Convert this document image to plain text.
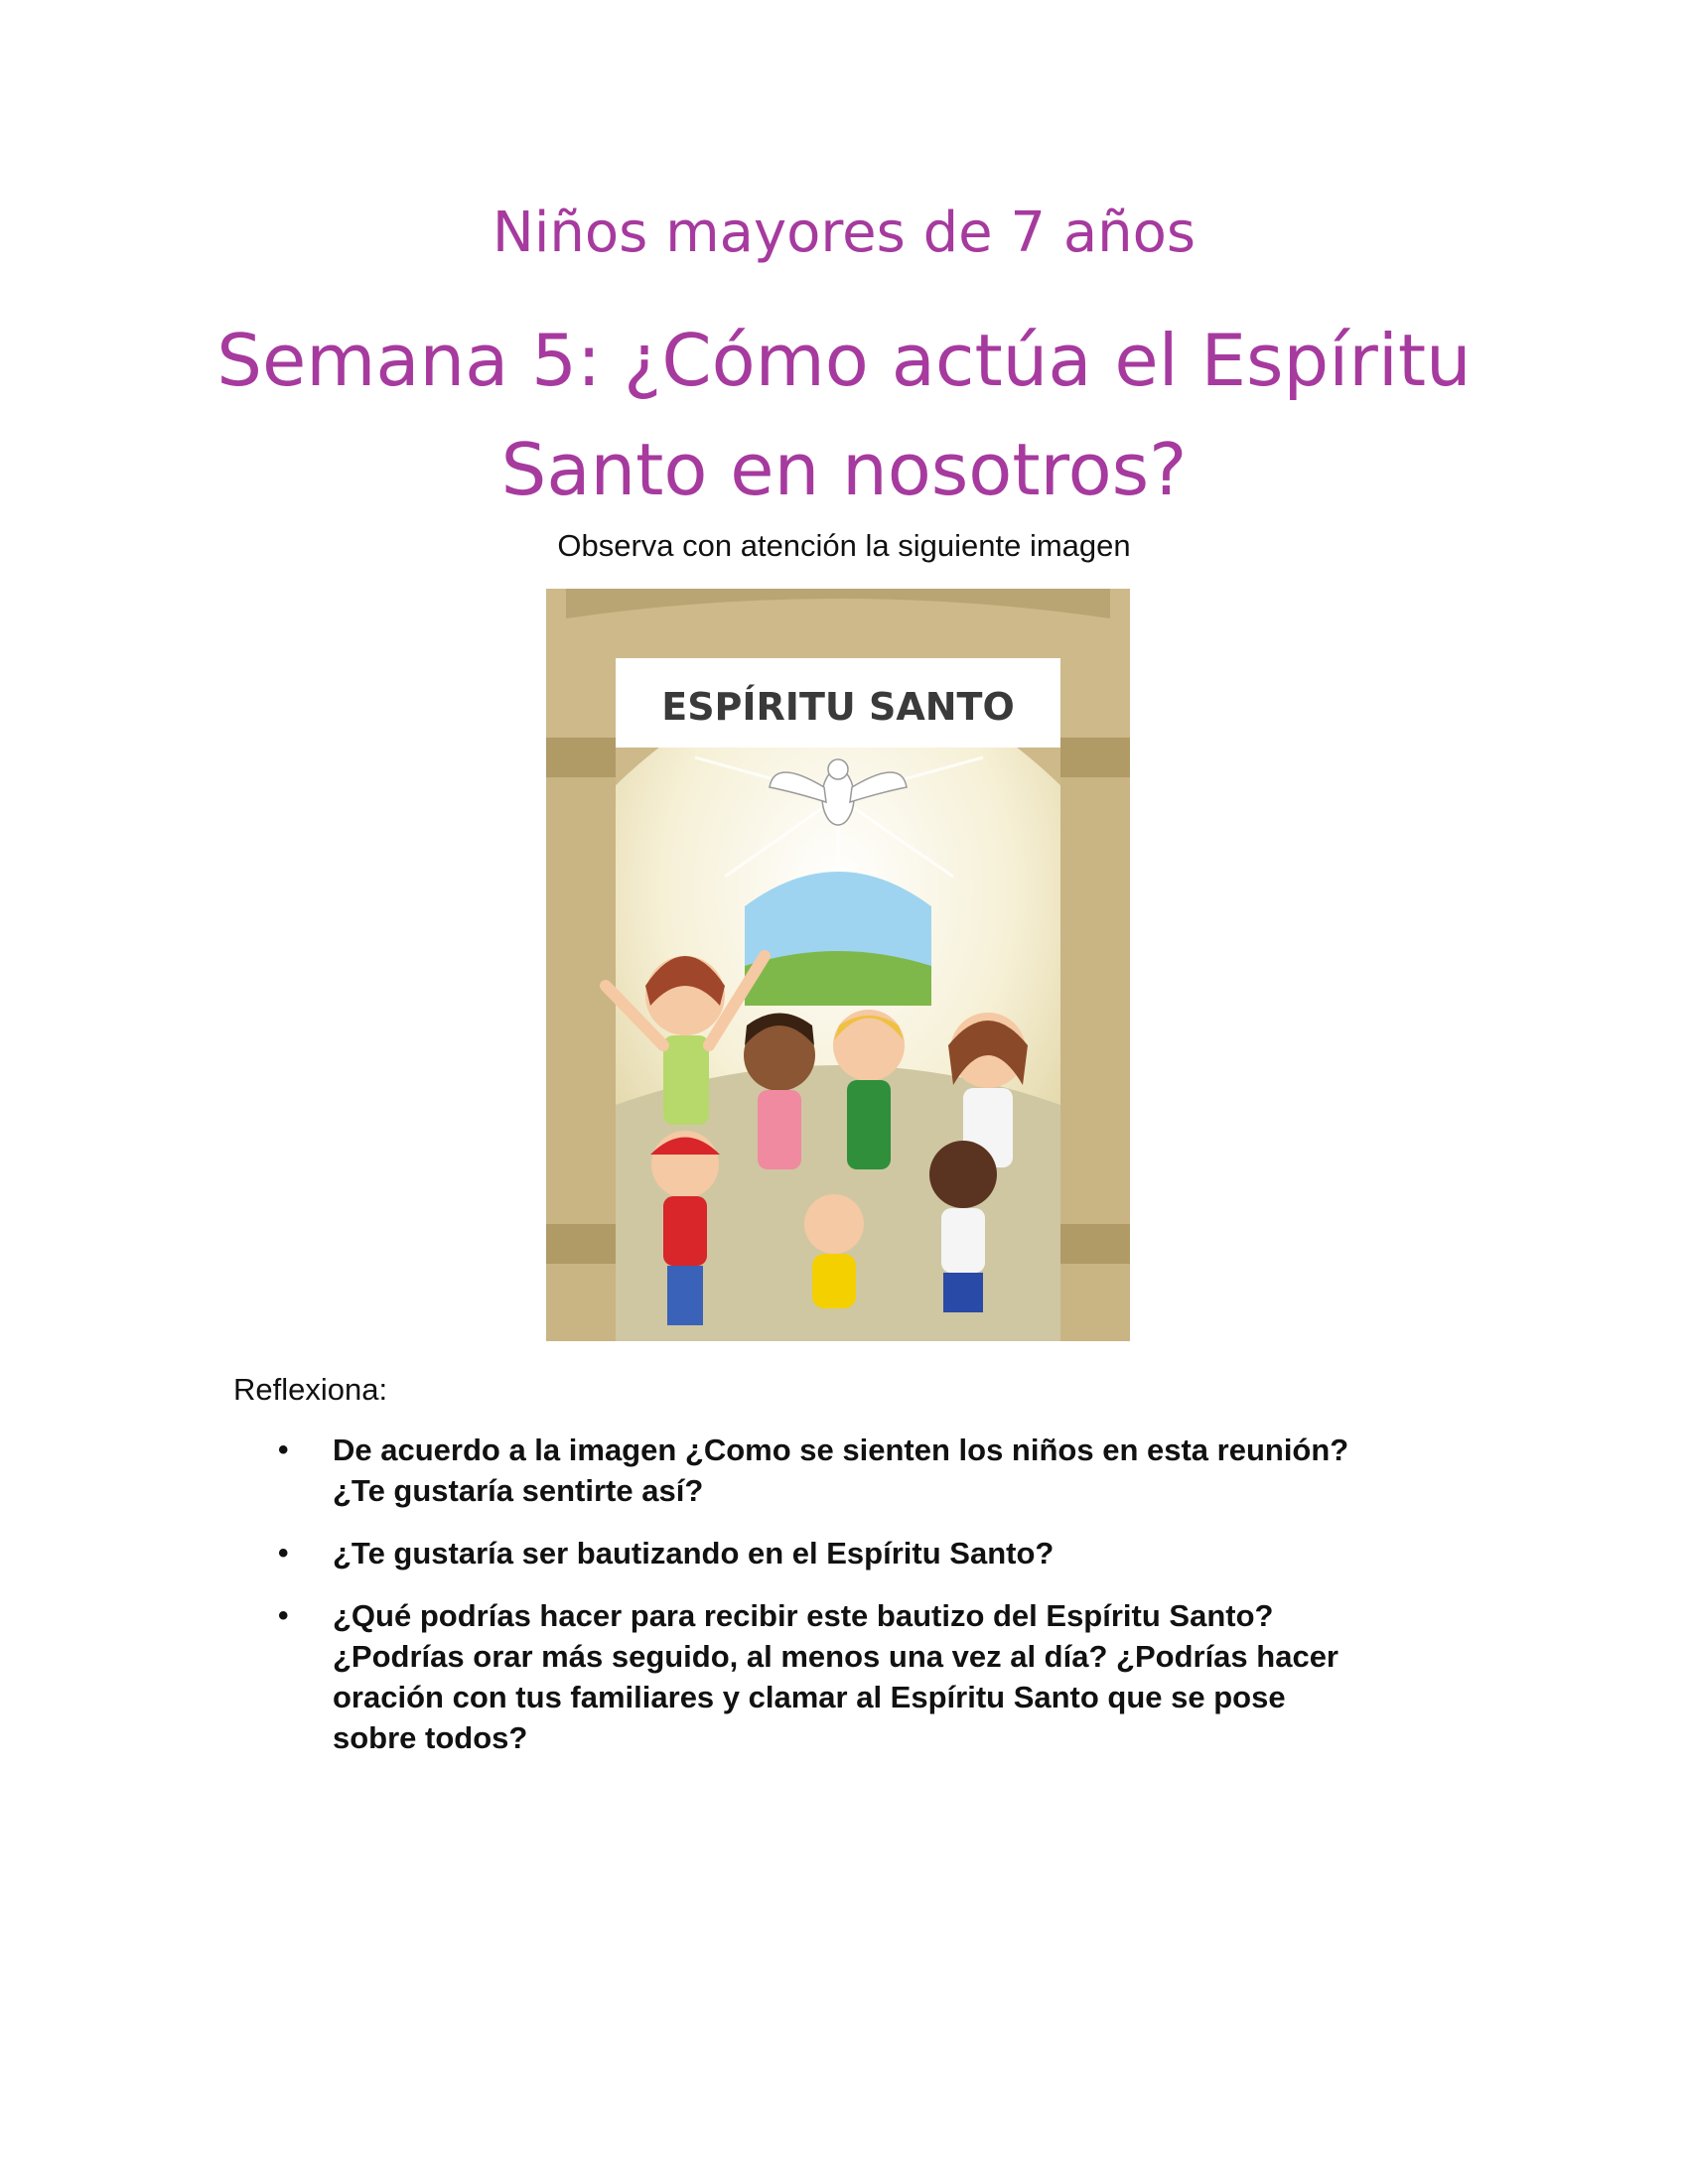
Niños mayores de 7 años
Semana 5: ¿Cómo actúa el Espíritu
Santo en nosotros?
Observa con atención la siguiente imagen
ESPÍRITU SANTO
Reflexiona:
• De acuerdo a la imagen ¿Como se sienten los niños en esta reunión?
¿Te gustaría sentirte así?
• ¿Te gustaría ser bautizando en el Espíritu Santo?
• ¿Qué podrías hacer para recibir este bautizo del Espíritu Santo?
¿Podrías orar más seguido, al menos una vez al día? ¿Podrías hacer
oración con tus familiares y clamar al Espíritu Santo que se pose
sobre todos?
